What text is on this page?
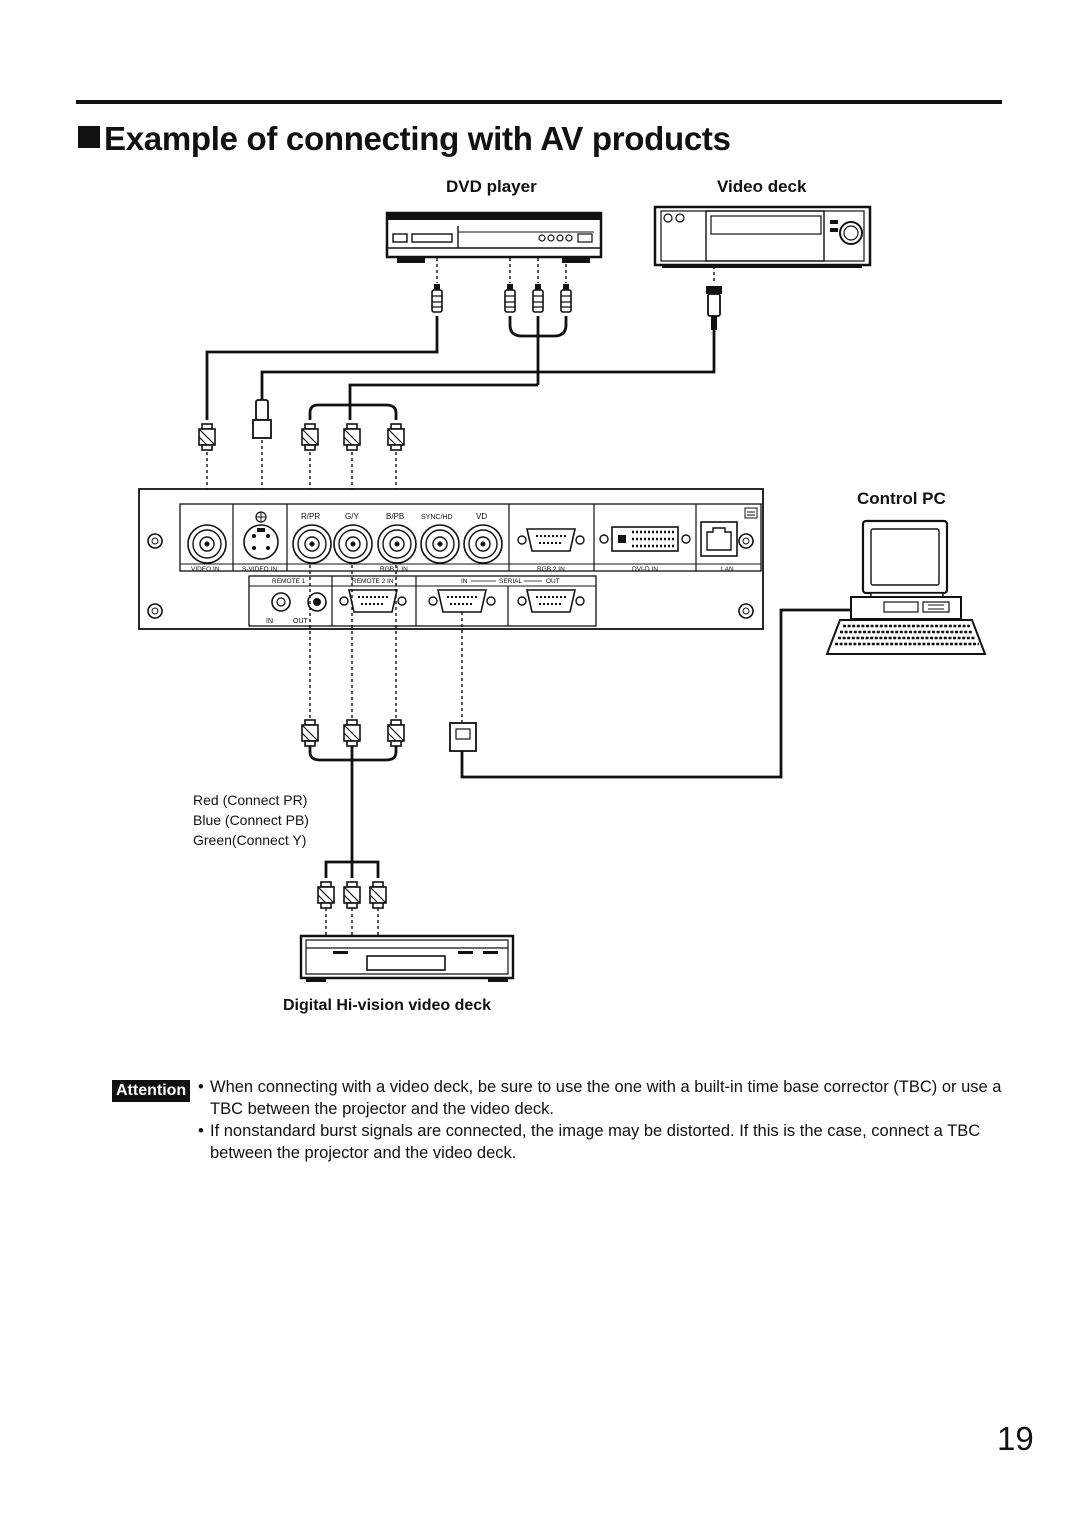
Example of connecting with AV products
DVD player	Video deck
Control PC
Digital Hi-vision video deck
R/PR	G/Y	B/PB SYNC/HD	VD
VIDEO IN	S-VIDEO IN	RGB 1 IN	RGB 2 IN	DVI-D IN	LAN
REMOTE 1	REMOTE 2 IN	IN	SERIAL	OUT
IN	OUT
Red (Connect PR)
Blue (Connect PB)
Green(Connect Y)
Attention • When connecting with a video deck, be sure to use the one with a built-in time base corrector (TBC) or use a TBC between the projector and the video deck.
• If nonstandard burst signals are connected, the image may be distorted. If this is the case, connect a TBC between the projector and the video deck.
19
